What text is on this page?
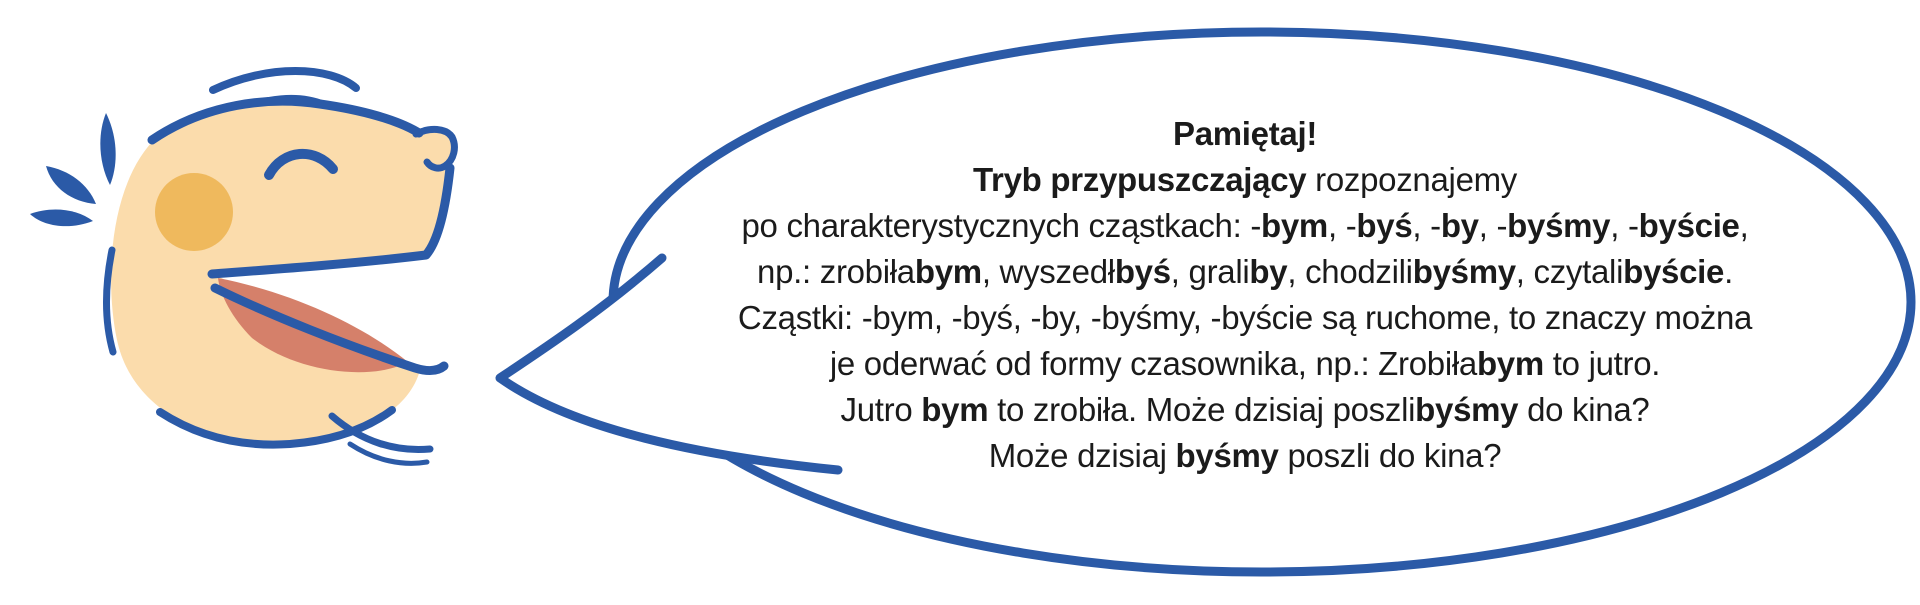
Pamiętaj!
Tryb przypuszczający rozpoznajemy
po charakterystycznych cząstkach: -bym, -byś, -by, -byśmy, -byście,
np.: zrobiłabym, wyszedłbyś, graliby, chodzilibyśmy, czytalibyście.
Cząstki: -bym, -byś, -by, -byśmy, -byście są ruchome, to znaczy można
je oderwać od formy czasownika, np.: Zrobiłabym to jutro.
Jutro bym to zrobiła. Może dzisiaj poszlibyśmy do kina?
Może dzisiaj byśmy poszli do kina?
